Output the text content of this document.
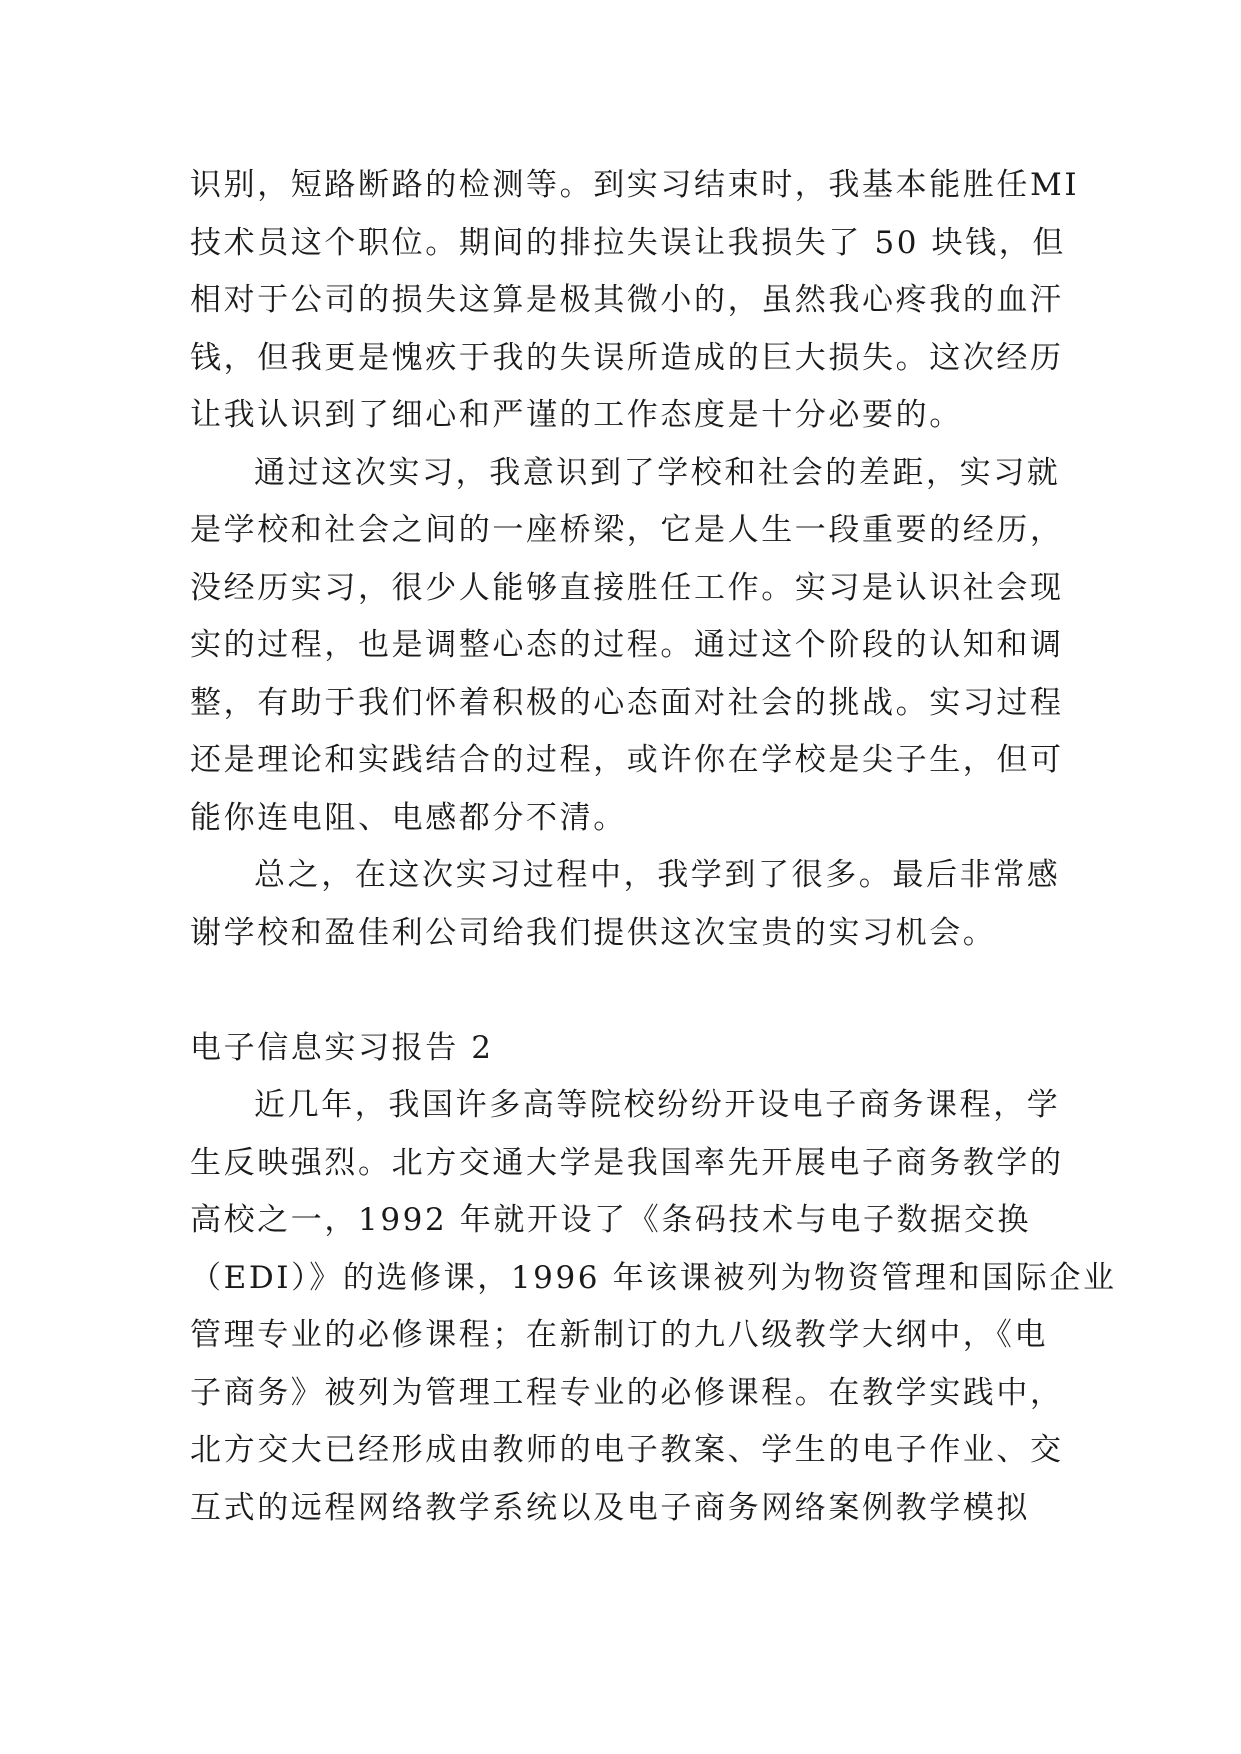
识别，短路断路的检测等。到实习结束时，我基本能胜任MI
技术员这个职位。期间的排拉失误让我损失了 50 块钱，但
相对于公司的损失这算是极其微小的，虽然我心疼我的血汗
钱，但我更是愧疚于我的失误所造成的巨大损失。这次经历
让我认识到了细心和严谨的工作态度是十分必要的。
通过这次实习，我意识到了学校和社会的差距，实习就
是学校和社会之间的一座桥梁，它是人生一段重要的经历，
没经历实习，很少人能够直接胜任工作。实习是认识社会现
实的过程，也是调整心态的过程。通过这个阶段的认知和调
整，有助于我们怀着积极的心态面对社会的挑战。实习过程
还是理论和实践结合的过程，或许你在学校是尖子生，但可
能你连电阻、电感都分不清。
总之，在这次实习过程中，我学到了很多。最后非常感
谢学校和盈佳利公司给我们提供这次宝贵的实习机会。
电子信息实习报告 2
近几年，我国许多高等院校纷纷开设电子商务课程，学
生反映强烈。北方交通大学是我国率先开展电子商务教学的
高校之一，1992 年就开设了《条码技术与电子数据交换
（EDI）》的选修课，1996 年该课被列为物资管理和国际企业
管理专业的必修课程；在新制订的九八级教学大纲中，《电
子商务》被列为管理工程专业的必修课程。在教学实践中，
北方交大已经形成由教师的电子教案、学生的电子作业、交
互式的远程网络教学系统以及电子商务网络案例教学模拟
